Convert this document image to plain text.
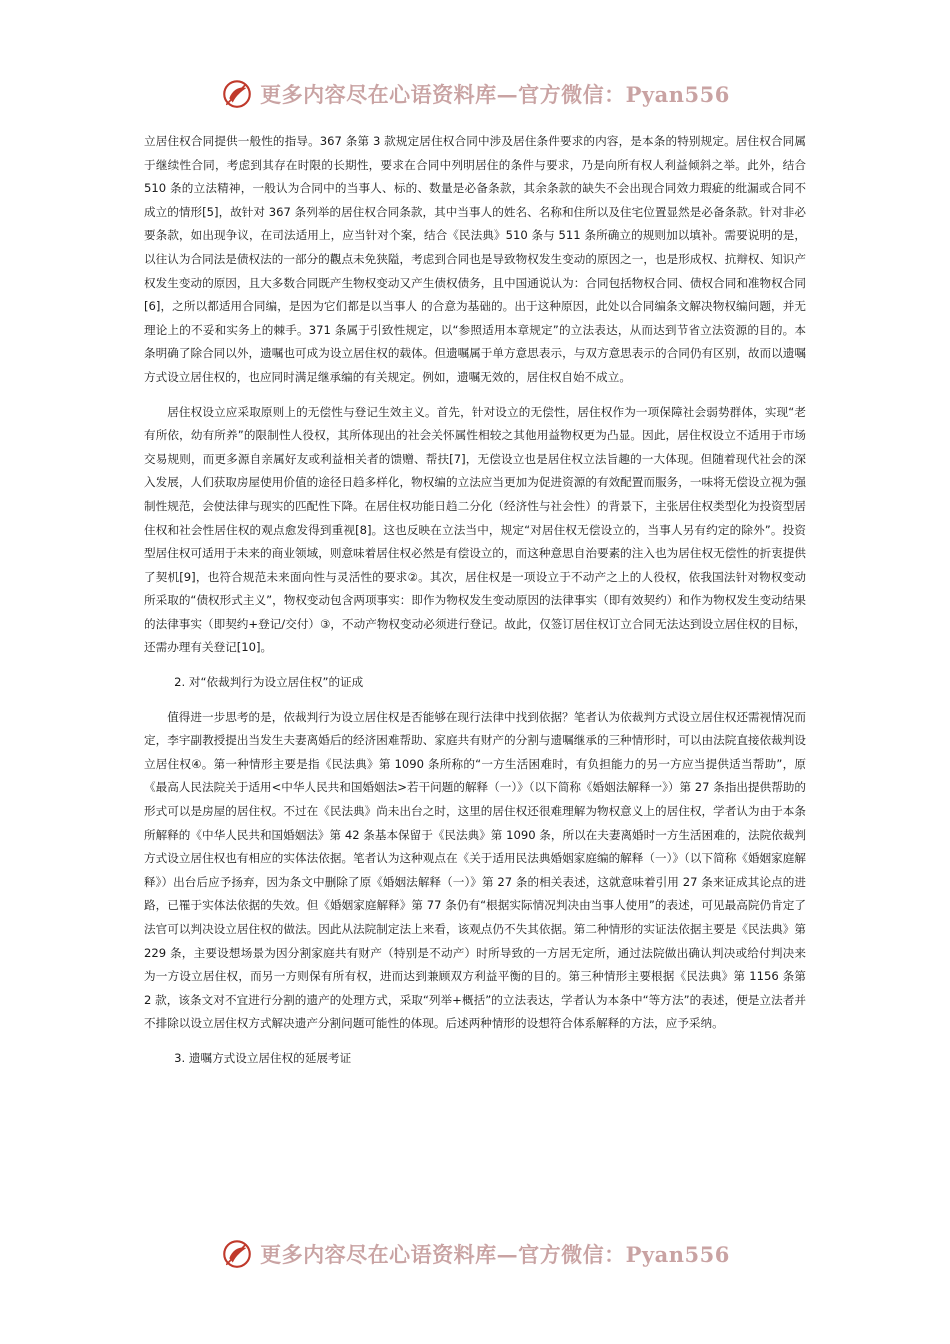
更多内容尽在心语资料库—官方微信：Pyan556

立居住权合同提供一般性的指导。367 条第 3 款规定居住权合同中涉及居住条件要求的内容，是本条的特别规定。居住权合同属于继续性合同，考虑到其存在时限的长期性，要求在合同中列明居住的条件与要求，乃是向所有权人利益倾斜之举。此外，结合 510 条的立法精神，一般认为合同中的当事人、标的、数量是必备条款，其余条款的缺失不会出现合同效力瑕疵的纰漏或合同不成立的情形[5]，故针对 367 条列举的居住权合同条款，其中当事人的姓名、名称和住所以及住宅位置显然是必备条款。针对非必要条款，如出现争议，在司法适用上，应当针对个案，结合《民法典》510 条与 511 条所确立的规则加以填补。需要说明的是，以往认为合同法是债权法的一部分的觀点未免狭隘，考虑到合同也是导致物权发生变动的原因之一，也是形成权、抗辩权、知识产权发生变动的原因，且大多数合同既产生物权变动又产生债权债务，且中国通说认为：合同包括物权合同、债权合同和准物权合同[6]，之所以都适用合同编，是因为它们都是以当事人 的合意为基础的。出于这种原因，此处以合同编条文解决物权编问题，并无理论上的不妥和实务上的棘手。371 条属于引致性规定，以“参照适用本章规定”的立法表达，从而达到节省立法资源的目的。本条明确了除合同以外，遗嘱也可成为设立居住权的载体。但遗嘱属于单方意思表示，与双方意思表示的合同仍有区别，故而以遗嘱方式设立居住权的，也应同时满足继承编的有关规定。例如，遗嘱无效的，居住权自始不成立。

居住权设立应采取原则上的无偿性与登记生效主义。首先，针对设立的无偿性，居住权作为一项保障社会弱势群体，实现“老有所依，幼有所养”的限制性人役权，其所体现出的社会关怀属性相较之其他用益物权更为凸显。因此，居住权设立不适用于市场交易规则，而更多源自亲属好友或利益相关者的馈赠、帮扶[7]，无偿设立也是居住权立法旨趣的一大体现。但随着现代社会的深入发展，人们获取房屋使用价值的途径日趋多样化，物权编的立法应当更加为促进资源的有效配置而服务，一味将无偿设立视为强制性规范，会使法律与现实的匹配性下降。在居住权功能日趋二分化（经济性与社会性）的背景下，主张居住权类型化为投资型居住权和社会性居住权的观点愈发得到重视[8]。这也反映在立法当中，规定“对居住权无偿设立的，当事人另有约定的除外”。投资型居住权可适用于未来的商业领域，则意味着居住权必然是有偿设立的，而这种意思自治要素的注入也为居住权无偿性的折衷提供了契机[9]，也符合规范未来面向性与灵活性的要求②。其次，居住权是一项设立于不动产之上的人役权，依我国法针对物权变动所采取的“债权形式主义”，物权变动包含两项事实：即作为物权发生变动原因的法律事实（即有效契约）和作为物权发生变动结果的法律事实（即契约+登记/交付）③，不动产物权变动必须进行登记。故此，仅签订居住权订立合同无法达到设立居住权的目标，还需办理有关登记[10]。

2. 对“依裁判行为设立居住权”的证成

值得进一步思考的是，依裁判行为设立居住权是否能够在现行法律中找到依据？笔者认为依裁判方式设立居住权还需视情况而定，李宇副教授提出当发生夫妻离婚后的经济困难帮助、家庭共有财产的分割与遗嘱继承的三种情形时，可以由法院直接依裁判设立居住权④。第一种情形主要是指《民法典》第 1090 条所称的“一方生活困难时，有负担能力的另一方应当提供适当帮助”，原《最高人民法院关于适用<中华人民共和国婚姻法>若干问题的解释（一）》（以下简称《婚姻法解释一》）第 27 条指出提供帮助的形式可以是房屋的居住权。不过在《民法典》尚未出台之时，这里的居住权还很难理解为物权意义上的居住权，学者认为由于本条所解释的《中华人民共和国婚姻法》第 42 条基本保留于《民法典》第 1090 条，所以在夫妻离婚时一方生活困难的，法院依裁判方式设立居住权也有相应的实体法依据。笔者认为这种观点在《关于适用民法典婚姻家庭编的解释（一）》（以下简称《婚姻家庭解释》）出台后应予扬弃，因为条文中删除了原《婚姻法解释（一）》第 27 条的相关表述，这就意味着引用 27 条来证成其论点的进路，已罹于实体法依据的失效。但《婚姻家庭解释》第 77 条仍有“根据实际情况判决由当事人使用”的表述，可见最高院仍肯定了法官可以判决设立居住权的做法。因此从法院制定法上来看，该观点仍不失其依据。第二种情形的实证法依据主要是《民法典》第 229 条，主要设想场景为因分割家庭共有财产（特别是不动产）时所导致的一方居无定所，通过法院做出确认判决或给付判决来为一方设立居住权，而另一方则保有所有权，进而达到兼顾双方利益平衡的目的。第三种情形主要根据《民法典》第 1156 条第 2 款，该条文对不宜进行分割的遗产的处理方式，采取“列举+概括”的立法表达，学者认为本条中“等方法”的表述，便是立法者并不排除以设立居住权方式解决遗产分割问题可能性的体现。后述两种情形的设想符合体系解释的方法，应予采纳。

3. 遗嘱方式设立居住权的延展考证

更多内容尽在心语资料库—官方微信：Pyan556
